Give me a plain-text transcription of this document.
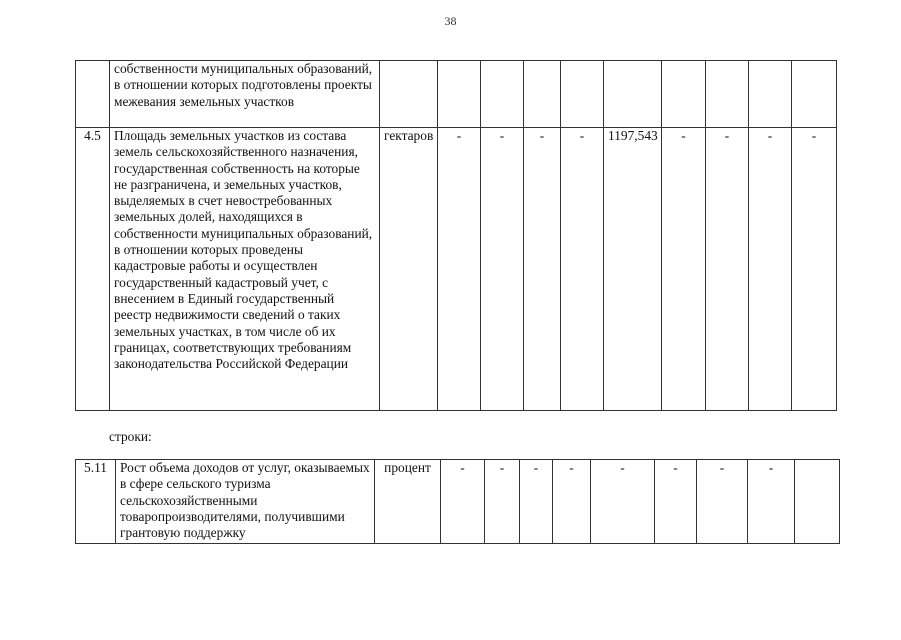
38
	собственности муниципальных образований, в отношении которых подготовлены проекты межевания земельных участков										
4.5	Площадь земельных участков из состава земель сельскохозяйственного назначения, государственная собственность на которые не разграничена, и земельных участков, выделяемых в счет невостребованных земельных долей, находящихся в собственности муниципальных образований, в отношении которых проведены кадастровые работы и осуществлен государственный кадастровый учет, с внесением в Единый государственный реестр недвижимости сведений о таких земельных участках, в том числе об их границах, соответствующих требованиям законодательства Российской Федерации	гектаров	-	-	-	-	1197,543	-	-	-	-
строки:
5.11	Рост объема доходов от услуг, оказываемых в сфере сельского туризма сельскохозяйственными товаропроизводителями, получившими грантовую поддержку	процент	-	-	-	-	-	-	-	-	
